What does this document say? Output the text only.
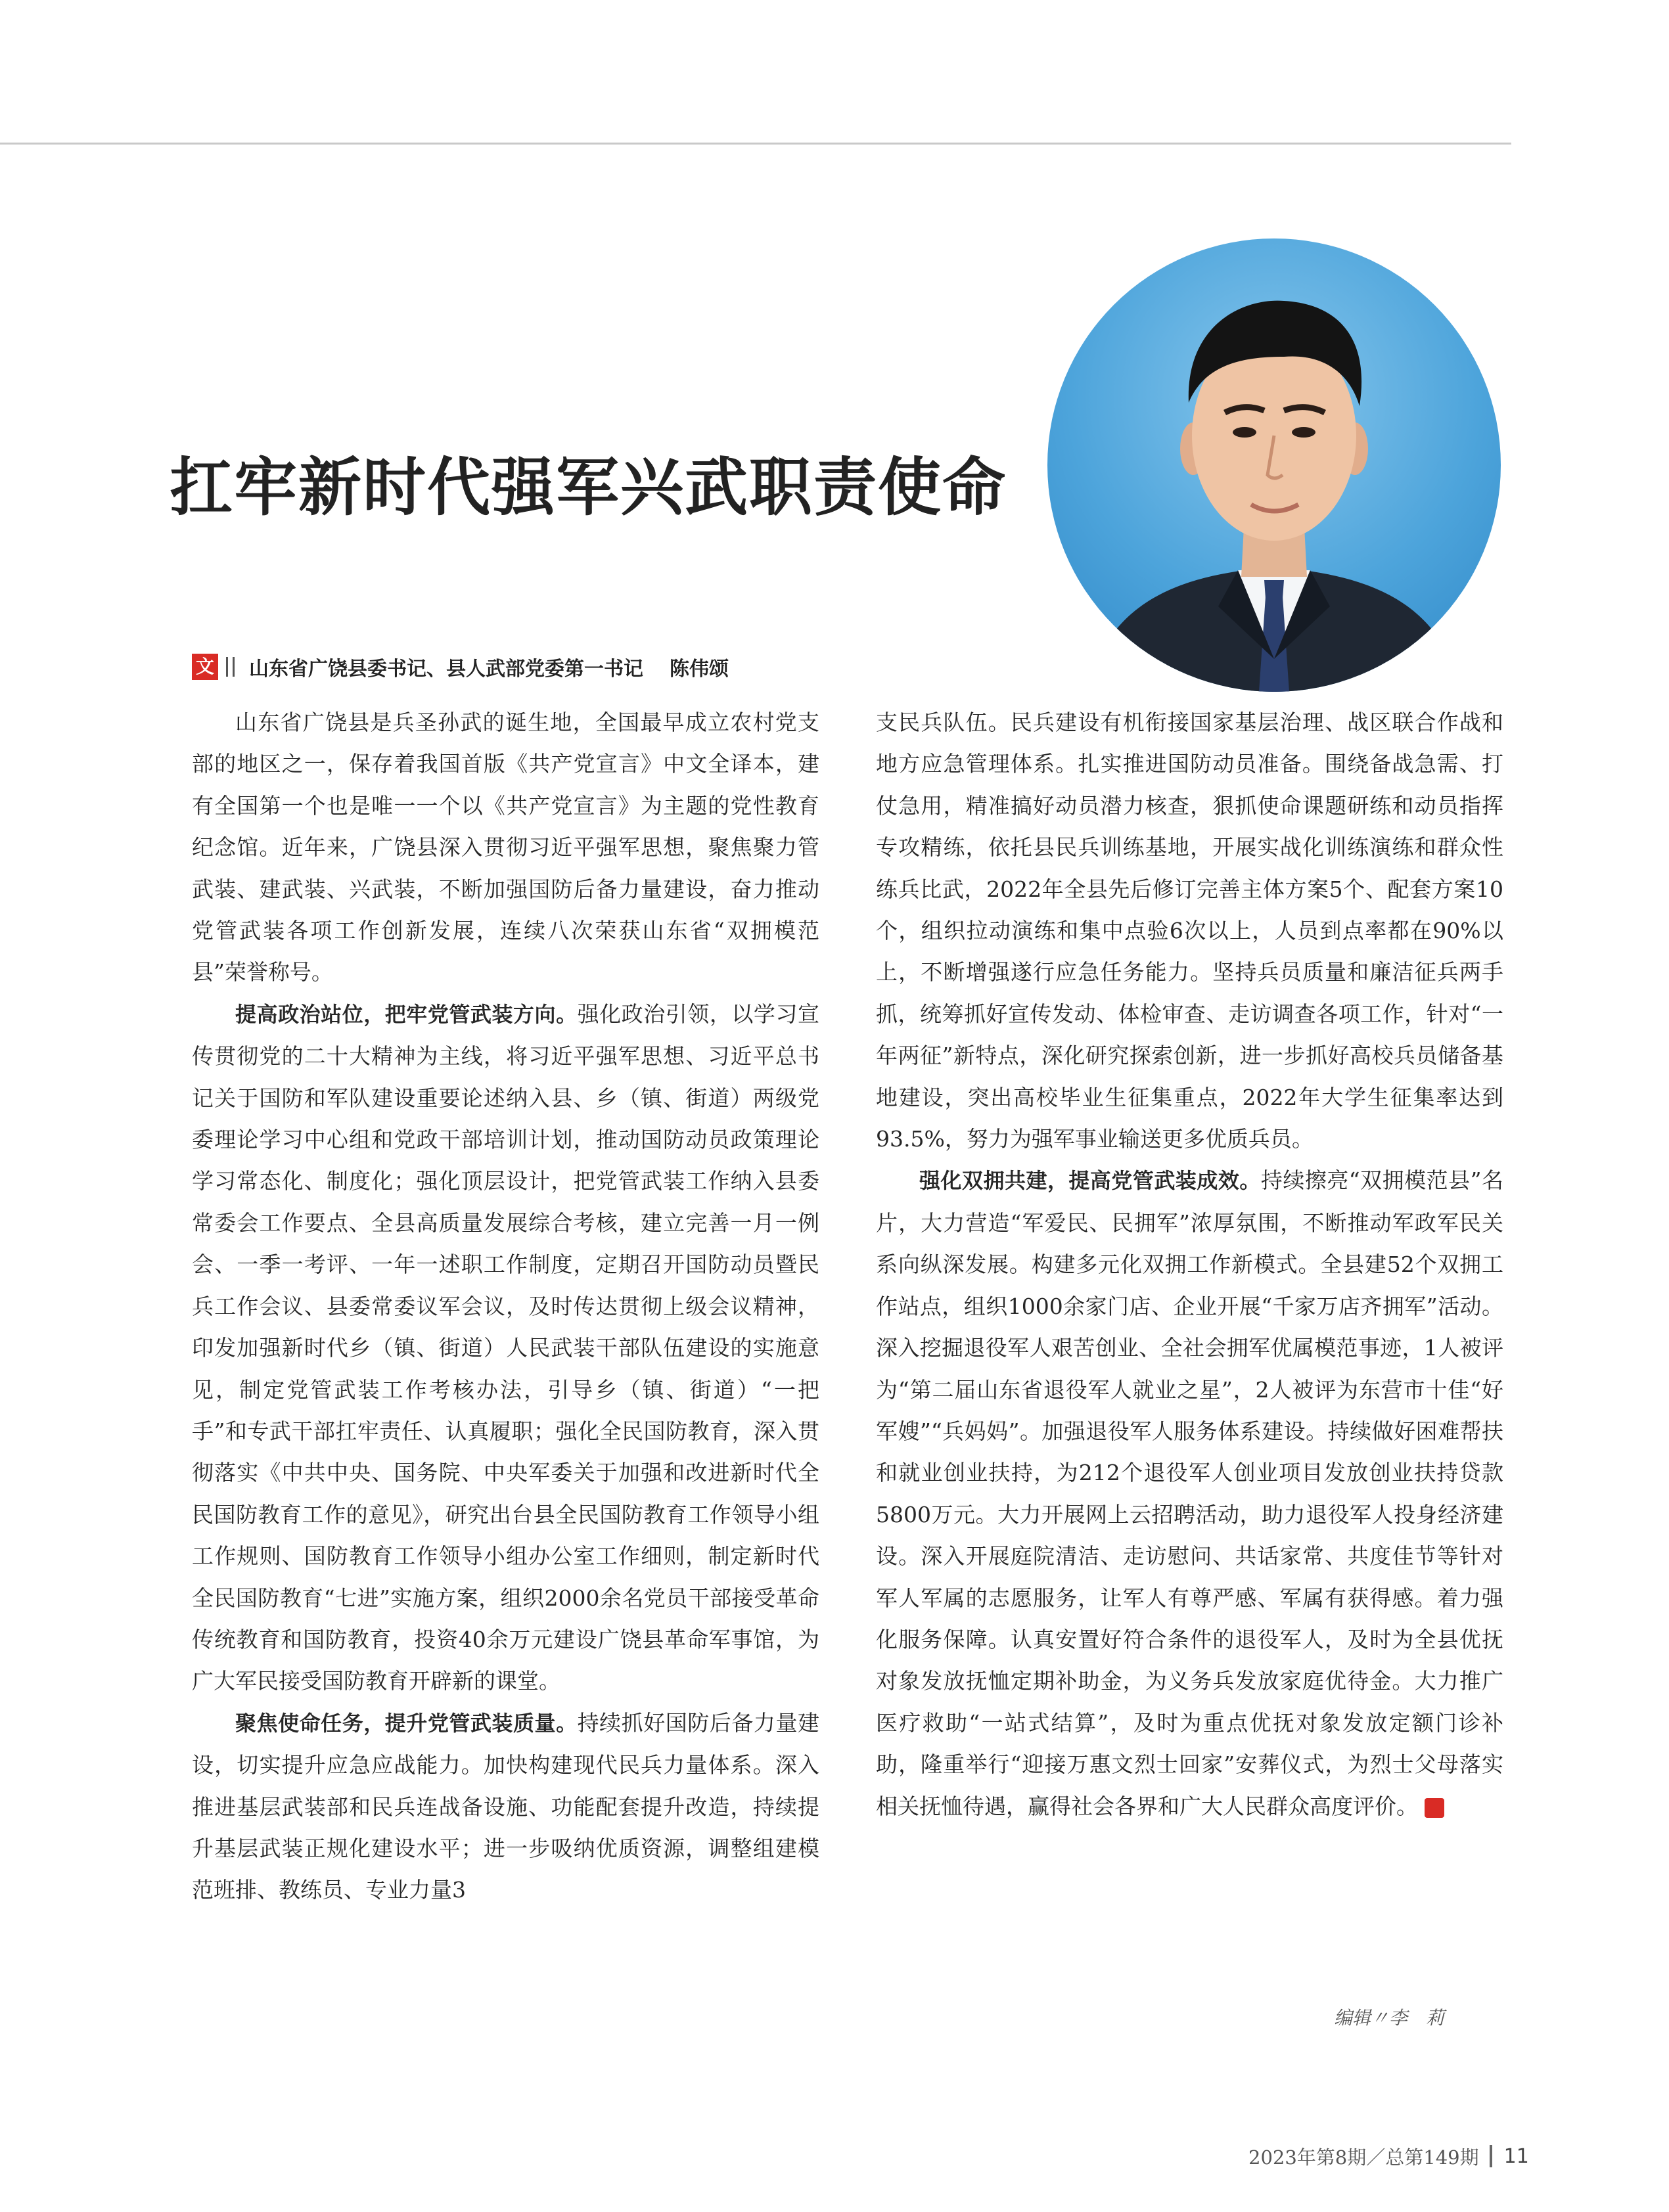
扛牢新时代强军兴武职责使命
文 山东省广饶县委书记、县人武部党委第一书记 陈伟颂

山东省广饶县是兵圣孙武的诞生地，全国最早成立农村党支部的地区之一，保存着我国首版《共产党宣言》中文全译本，建有全国第一个也是唯一一个以《共产党宣言》为主题的党性教育纪念馆。近年来，广饶县深入贯彻习近平强军思想，聚焦聚力管武装、建武装、兴武装，不断加强国防后备力量建设，奋力推动党管武装各项工作创新发展，连续八次荣获山东省“双拥模范县”荣誉称号。

提高政治站位，把牢党管武装方向。强化政治引领，以学习宣传贯彻党的二十大精神为主线，将习近平强军思想、习近平总书记关于国防和军队建设重要论述纳入县、乡（镇、街道）两级党委理论学习中心组和党政干部培训计划，推动国防动员政策理论学习常态化、制度化；强化顶层设计，把党管武装工作纳入县委常委会工作要点、全县高质量发展综合考核，建立完善一月一例会、一季一考评、一年一述职工作制度，定期召开国防动员暨民兵工作会议、县委常委议军会议，及时传达贯彻上级会议精神，印发加强新时代乡（镇、街道）人民武装干部队伍建设的实施意见，制定党管武装工作考核办法，引导乡（镇、街道）“一把手”和专武干部扛牢责任、认真履职；强化全民国防教育，深入贯彻落实《中共中央、国务院、中央军委关于加强和改进新时代全民国防教育工作的意见》，研究出台县全民国防教育工作领导小组工作规则、国防教育工作领导小组办公室工作细则，制定新时代全民国防教育“七进”实施方案，组织2000余名党员干部接受革命传统教育和国防教育，投资40余万元建设广饶县革命军事馆，为广大军民接受国防教育开辟新的课堂。

聚焦使命任务，提升党管武装质量。持续抓好国防后备力量建设，切实提升应急应战能力。加快构建现代民兵力量体系。深入推进基层武装部和民兵连战备设施、功能配套提升改造，持续提升基层武装正规化建设水平；进一步吸纳优质资源，调整组建模范班排、教练员、专业力量3

支民兵队伍。民兵建设有机衔接国家基层治理、战区联合作战和地方应急管理体系。扎实推进国防动员准备。围绕备战急需、打仗急用，精准搞好动员潜力核查，狠抓使命课题研练和动员指挥专攻精练，依托县民兵训练基地，开展实战化训练演练和群众性练兵比武，2022年全县先后修订完善主体方案5个、配套方案10个，组织拉动演练和集中点验6次以上，人员到点率都在90%以上，不断增强遂行应急任务能力。坚持兵员质量和廉洁征兵两手抓，统筹抓好宣传发动、体检审查、走访调查各项工作，针对“一年两征”新特点，深化研究探索创新，进一步抓好高校兵员储备基地建设，突出高校毕业生征集重点，2022年大学生征集率达到93.5%，努力为强军事业输送更多优质兵员。

强化双拥共建，提高党管武装成效。持续擦亮“双拥模范县”名片，大力营造“军爱民、民拥军”浓厚氛围，不断推动军政军民关系向纵深发展。构建多元化双拥工作新模式。全县建52个双拥工作站点，组织1000余家门店、企业开展“千家万店齐拥军”活动。深入挖掘退役军人艰苦创业、全社会拥军优属模范事迹，1人被评为“第二届山东省退役军人就业之星”，2人被评为东营市十佳“好军嫂”“兵妈妈”。加强退役军人服务体系建设。持续做好困难帮扶和就业创业扶持，为212个退役军人创业项目发放创业扶持贷款5800万元。大力开展网上云招聘活动，助力退役军人投身经济建设。深入开展庭院清洁、走访慰问、共话家常、共度佳节等针对军人军属的志愿服务，让军人有尊严感、军属有获得感。着力强化服务保障。认真安置好符合条件的退役军人，及时为全县优抚对象发放抚恤定期补助金，为义务兵发放家庭优待金。大力推广医疗救助“一站式结算”，及时为重点优抚对象发放定额门诊补助，隆重举行“迎接万惠文烈士回家”安葬仪式，为烈士父母落实相关抚恤待遇，赢得社会各界和广大人民群众高度评价。	G

编辑〃李　莉
2023年第8期／总第149期 11
